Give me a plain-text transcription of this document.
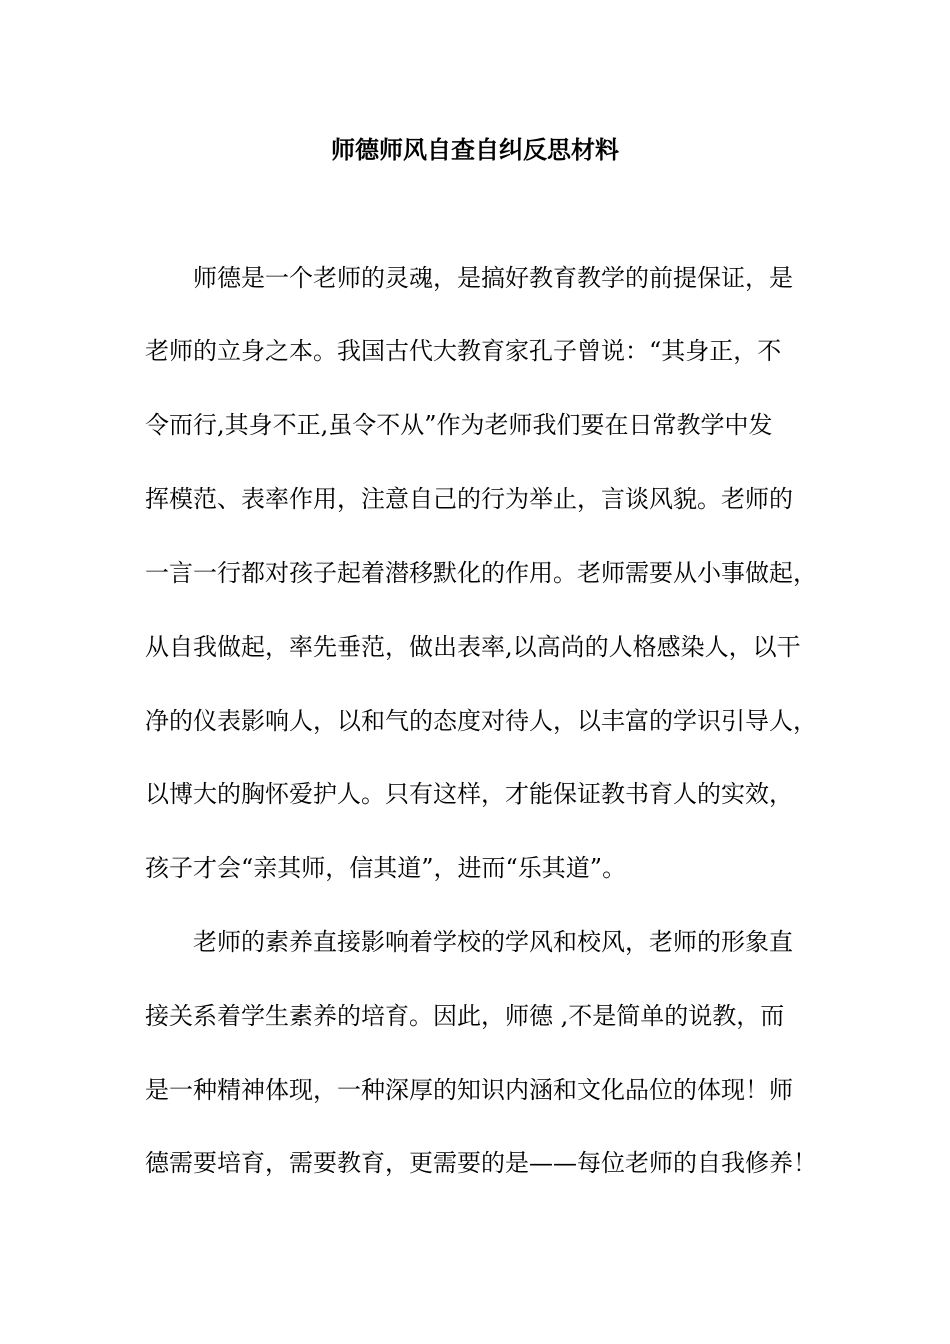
师德师风自查自纠反思材料
师德是一个老师的灵魂，是搞好教育教学的前提保证，是
老师的立身之本。我国古代大教育家孔子曾说：“其身正，不
令而行,其身不正,虽令不从”作为老师我们要在日常教学中发
挥模范、表率作用，注意自己的行为举止，言谈风貌。老师的
一言一行都对孩子起着潜移默化的作用。老师需要从小事做起，
从自我做起，率先垂范，做出表率,以高尚的人格感染人，以干
净的仪表影响人，以和气的态度对待人，以丰富的学识引导人，
以博大的胸怀爱护人。只有这样，才能保证教书育人的实效，
孩子才会“亲其师，信其道”，进而“乐其道”。
老师的素养直接影响着学校的学风和校风，老师的形象直
接关系着学生素养的培育。因此，师德 ,不是简单的说教，而
是一种精神体现，一种深厚的知识内涵和文化品位的体现！师
德需要培育，需要教育，更需要的是——每位老师的自我修养！
